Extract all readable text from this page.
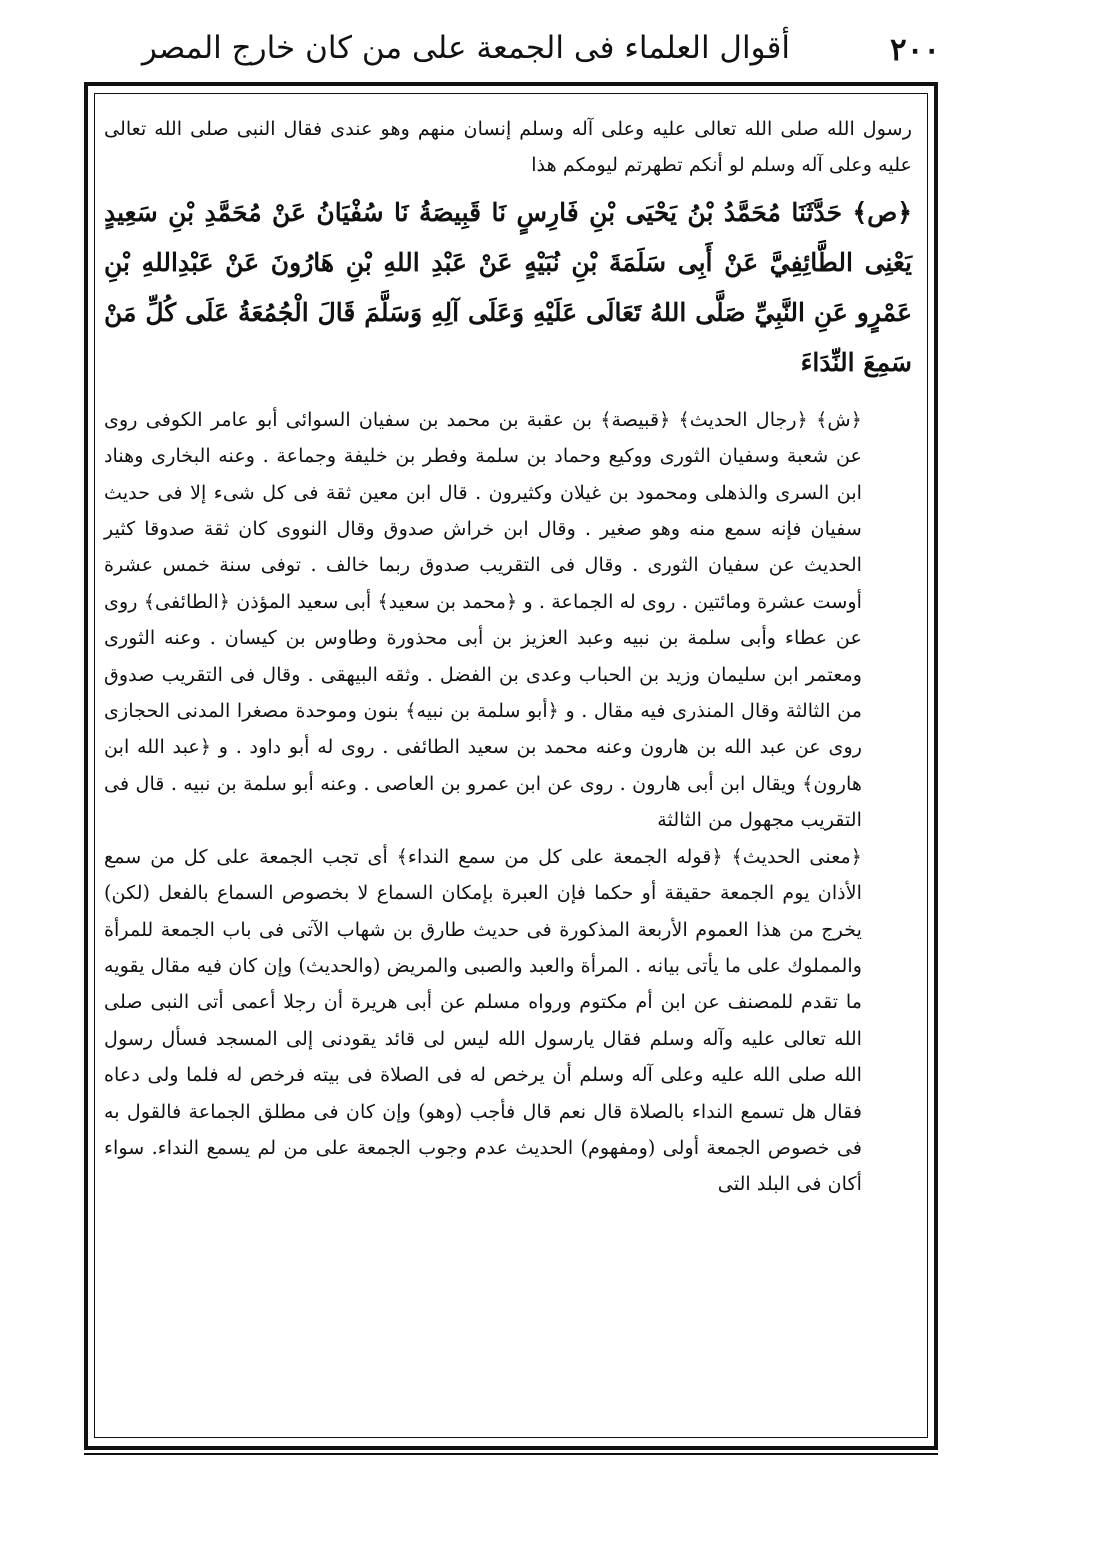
٢٠٠
أقوال العلماء فى الجمعة على من كان خارج المصر

رسول الله صلى الله تعالى عليه وعلى آله وسلم إنسان منهم وهو عندى فقال النبى صلى الله تعالى عليه وعلى آله وسلم لو أنكم تطهرتم ليومكم هذا

﴿ص﴾ حَدَّثَنَا مُحَمَّدُ بْنُ يَحْيَى بْنِ فَارِسٍ نَا قَبِيصَةُ نَا سُفْيَانُ عَنْ مُحَمَّدِ بْنِ سَعِيدٍ يَعْنِى الطَّائِفِيَّ عَنْ أَبِى سَلَمَةَ بْنِ نُبَيْهٍ عَنْ عَبْدِ اللهِ بْنِ هَارُونَ عَنْ عَبْدِاللهِ بْنِ عَمْرٍو عَنِ النَّبِيِّ صَلَّى اللهُ تَعَالَى عَلَيْهِ وَعَلَى آلِهِ وَسَلَّمَ قَالَ الْجُمُعَةُ عَلَى كُلِّ مَنْ سَمِعَ النِّدَاءَ

﴿ش﴾ ﴿رجال الحديث﴾ ﴿قبيصة﴾ بن عقبة بن محمد بن سفيان السوائى أبو عامر الكوفى روى عن شعبة وسفيان الثورى ووكيع وحماد بن سلمة وفطر بن خليفة وجماعة . وعنه البخارى وهناد ابن السرى والذهلى ومحمود بن غيلان وكثيرون . قال ابن معين ثقة فى كل شىء إلا فى حديث سفيان فإنه سمع منه وهو صغير . وقال ابن خراش صدوق وقال النووى كان ثقة صدوقا كثير الحديث عن سفيان الثورى . وقال فى التقريب صدوق ربما خالف . توفى سنة خمس عشرة أوست عشرة ومائتين . روى له الجماعة . و ﴿محمد بن سعيد﴾ أبى سعيد المؤذن ﴿الطائفى﴾ روى عن عطاء وأبى سلمة بن نبيه وعبد العزيز بن أبى محذورة وطاوس بن كيسان . وعنه الثورى ومعتمر ابن سليمان وزيد بن الحباب وعدى بن الفضل . وثقه البيهقى . وقال فى التقريب صدوق من الثالثة وقال المنذرى فيه مقال . و ﴿أبو سلمة بن نبيه﴾ بنون وموحدة مصغرا المدنى الحجازى روى عن عبد الله بن هارون وعنه محمد بن سعيد الطائفى . روى له أبو داود . و ﴿عبد الله ابن هارون﴾ ويقال ابن أبى هارون . روى عن ابن عمرو بن العاصى . وعنه أبو سلمة بن نبيه . قال فى التقريب مجهول من الثالثة

﴿معنى الحديث﴾ ﴿قوله الجمعة على كل من سمع النداء﴾ أى تجب الجمعة على كل من سمع الأذان يوم الجمعة حقيقة أو حكما فإن العبرة بإمكان السماع لا بخصوص السماع بالفعل (لكن) يخرج من هذا العموم الأربعة المذكورة فى حديث طارق بن شهاب الآتى فى باب الجمعة للمرأة والمملوك على ما يأتى بيانه . المرأة والعبد والصبى والمريض (والحديث) وإن كان فيه مقال يقويه ما تقدم للمصنف عن ابن أم مكتوم ورواه مسلم عن أبى هريرة أن رجلا أعمى أتى النبى صلى الله تعالى عليه وآله وسلم فقال يارسول الله ليس لى قائد يقودنى إلى المسجد فسأل رسول الله صلى الله عليه وعلى آله وسلم أن يرخص له فى الصلاة فى بيته فرخص له فلما ولى دعاه فقال هل تسمع النداء بالصلاة قال نعم قال فأجب (وهو) وإن كان فى مطلق الجماعة فالقول به فى خصوص الجمعة أولى (ومفهوم) الحديث عدم وجوب الجمعة على من لم يسمع النداء. سواء أكان فى البلد التى
